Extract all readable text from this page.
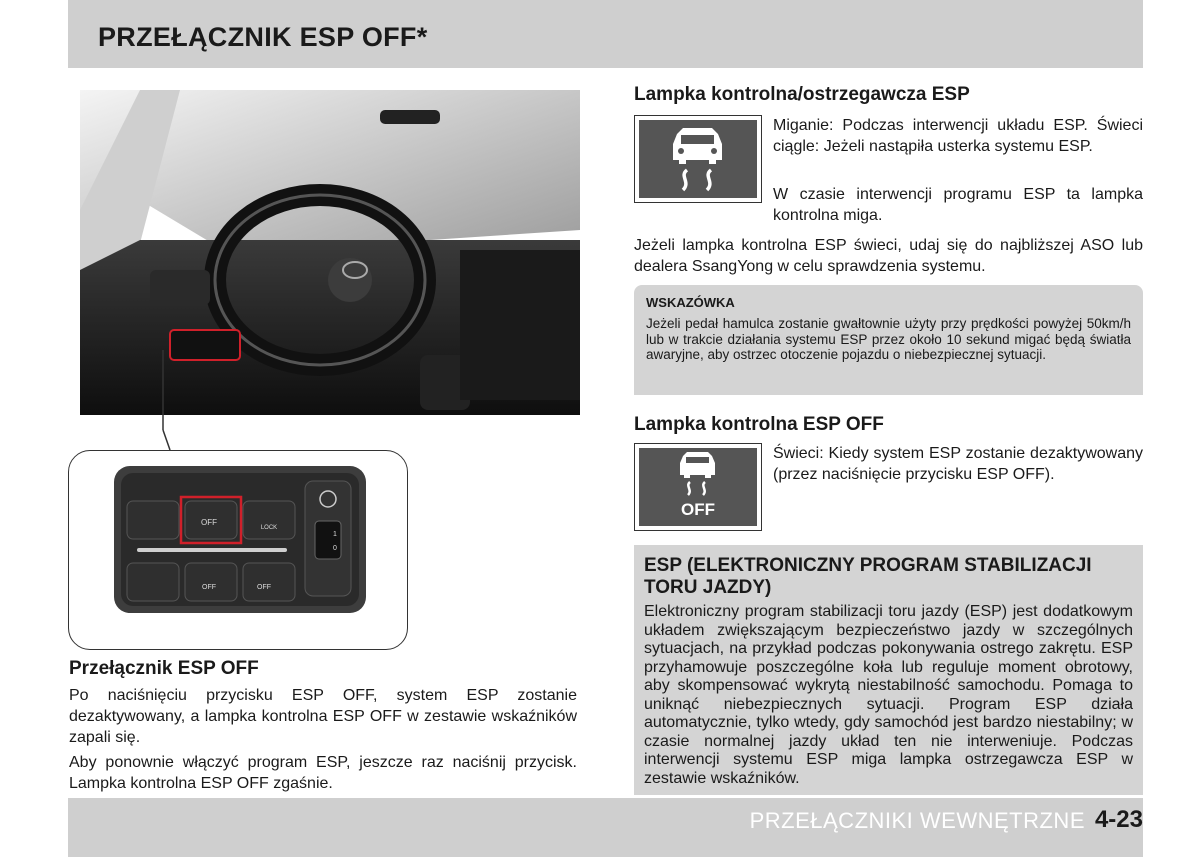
PRZEŁĄCZNIK ESP OFF*
OFF
LOCK
OFF	OFF
1
0
Przełącznik ESP OFF
Po naciśnięciu przycisku ESP OFF, system ESP zostanie dezaktywowany, a lampka kontrolna ESP OFF w zestawie wskaźników zapali się.
Aby ponownie włączyć program ESP, jeszcze raz naciśnij przycisk. Lampka kontrolna ESP OFF zgaśnie.
Lampka kontrolna/ostrzegawcza ESP
Miganie: Podczas interwencji układu ESP. Świeci ciągle: Jeżeli nastąpiła usterka systemu ESP.
W czasie interwencji programu ESP ta lampka kontrolna miga.
Jeżeli lampka kontrolna ESP świeci, udaj się do najbliższej ASO lub dealera SsangYong w celu sprawdzenia systemu.
WSKAZÓWKA
Jeżeli pedał hamulca zostanie gwałtownie użyty przy prędkości powyżej 50km/h lub w trakcie działania systemu ESP przez około 10 sekund migać będą światła awaryjne, aby ostrzec otoczenie pojazdu o niebezpiecznej sytuacji.
Lampka kontrolna ESP OFF
OFF
Świeci: Kiedy system ESP zostanie dezaktywowany (przez naciśnięcie przycisku ESP OFF).
ESP (ELEKTRONICZNY PROGRAM STABILIZACJI TORU JAZDY)
Elektroniczny program stabilizacji toru jazdy (ESP) jest dodatkowym układem zwiększającym bezpieczeństwo jazdy w szczególnych sytuacjach, na przykład podczas pokonywania ostrego zakrętu. ESP przyhamowuje poszczególne koła lub reguluje moment obrotowy, aby skompensować wykrytą niestabilność samochodu. Pomaga to uniknąć niebezpiecznych sytuacji. Program ESP działa automatycznie, tylko wtedy, gdy samochód jest bardzo niestabilny; w czasie normalnej jazdy układ ten nie interweniuje. Podczas interwencji systemu ESP miga lampka ostrzegawcza ESP w zestawie wskaźników.
PRZEŁĄCZNIKI WEWNĘTRZNE 4-23
